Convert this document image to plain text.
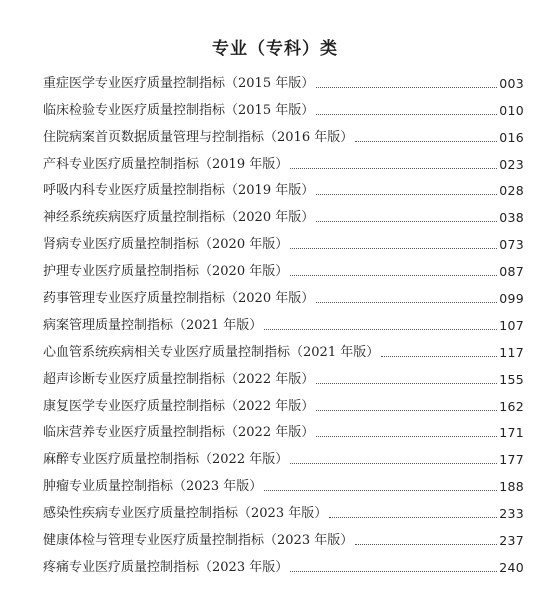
专业（专科）类
重症医学专业医疗质量控制指标（2015 年版）	003
临床检验专业医疗质量控制指标（2015 年版）	010
住院病案首页数据质量管理与控制指标（2016 年版）	016
产科专业医疗质量控制指标（2019 年版）	023
呼吸内科专业医疗质量控制指标（2019 年版）	028
神经系统疾病医疗质量控制指标（2020 年版）	038
肾病专业医疗质量控制指标（2020 年版）	073
护理专业医疗质量控制指标（2020 年版）	087
药事管理专业医疗质量控制指标（2020 年版）	099
病案管理质量控制指标（2021 年版）	107
心血管系统疾病相关专业医疗质量控制指标（2021 年版）	117
超声诊断专业医疗质量控制指标（2022 年版）	155
康复医学专业医疗质量控制指标（2022 年版）	162
临床营养专业医疗质量控制指标（2022 年版）	171
麻醉专业医疗质量控制指标（2022 年版）	177
肿瘤专业质量控制指标（2023 年版）	188
感染性疾病专业医疗质量控制指标（2023 年版）	233
健康体检与管理专业医疗质量控制指标（2023 年版）	237
疼痛专业医疗质量控制指标（2023 年版）	240
